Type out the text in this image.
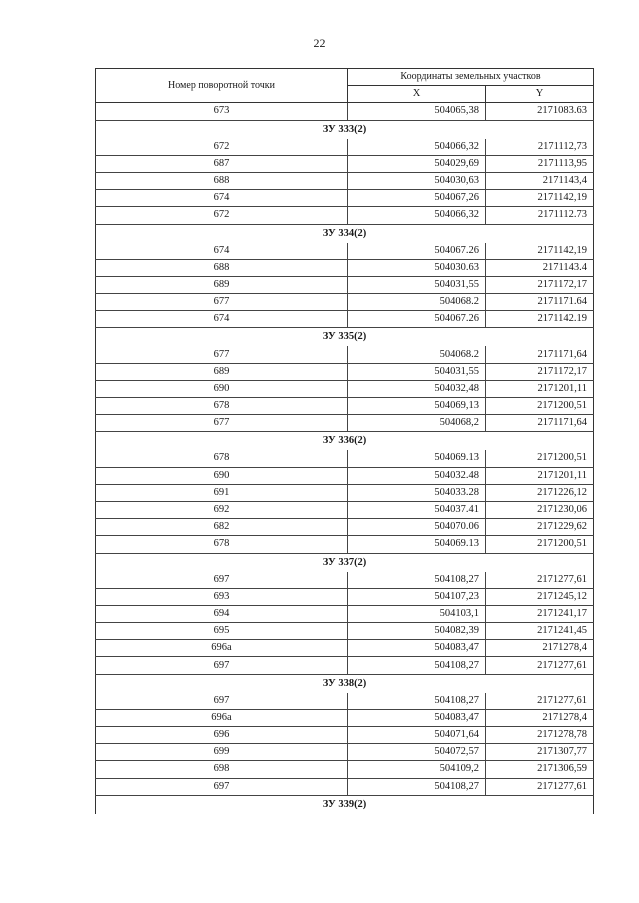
22
Номер поворотной точки	Координаты земельных участков	
	X	Y
673	504065,38	2171083.63
ЗУ 333(2)		
672	504066,32	2171112,73
687	504029,69	2171113,95
688	504030,63	2171143,4
674	504067,26	2171142,19
672	504066,32	2171112.73
ЗУ 334(2)		
674	504067.26	2171142,19
688	504030.63	2171143.4
689	504031,55	2171172,17
677	504068.2	2171171.64
674	504067.26	2171142.19
ЗУ 335(2)		
677	504068.2	2171171,64
689	504031,55	2171172,17
690	504032,48	2171201,11
678	504069,13	2171200,51
677	504068,2	2171171,64
ЗУ 336(2)		
678	504069.13	2171200,51
690	504032.48	2171201,11
691	504033.28	2171226,12
692	504037.41	2171230,06
682	504070.06	2171229,62
678	504069.13	2171200,51
ЗУ 337(2)		
697	504108,27	2171277,61
693	504107,23	2171245,12
694	504103,1	2171241,17
695	504082,39	2171241,45
696a	504083,47	2171278,4
697	504108,27	2171277,61
ЗУ 338(2)		
697	504108,27	2171277,61
696a	504083,47	2171278,4
696	504071,64	2171278,78
699	504072,57	2171307,77
698	504109,2	2171306,59
697	504108,27	2171277,61
ЗУ 339(2)		
